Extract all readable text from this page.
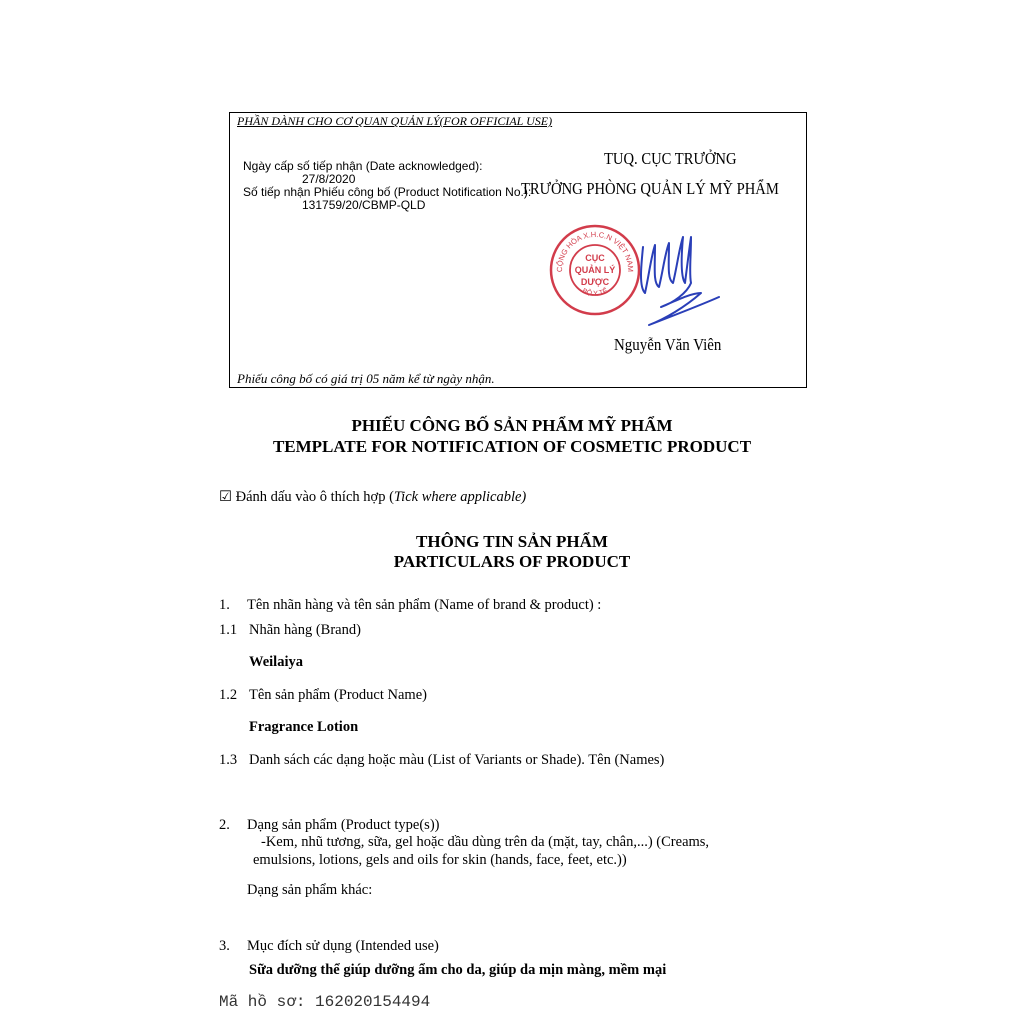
PHẦN DÀNH CHO CƠ QUAN QUẢN LÝ(FOR OFFICIAL USE)
Ngày cấp số tiếp nhận (Date acknowledged):
27/8/2020
Số tiếp nhận Phiếu công bố (Product Notification No.):
131759/20/CBMP-QLD
TUQ. CỤC TRƯỞNG
TRƯỞNG PHÒNG QUẢN LÝ MỸ PHẨM
CỘNG HÒA X.H.C.N VIỆT NAM
BỘ Y TẾ
CỤC
QUẢN LÝ
DƯỢC
Nguyễn Văn Viên
Phiếu công bố có giá trị 05 năm kể từ ngày nhận.
PHIẾU CÔNG BỐ SẢN PHẨM MỸ PHẨM
TEMPLATE FOR NOTIFICATION OF COSMETIC PRODUCT
☑ Đánh dấu vào ô thích hợp (Tick where applicable)
THÔNG TIN SẢN PHẨM
PARTICULARS OF PRODUCT
1. Tên nhãn hàng và tên sản phẩm (Name of brand & product) :
1.1 Nhãn hàng (Brand)
Weilaiya
1.2 Tên sản phẩm (Product Name)
Fragrance Lotion
1.3 Danh sách các dạng hoặc màu (List of Variants or Shade). Tên (Names)
2. Dạng sản phẩm (Product type(s))
-Kem, nhũ tương, sữa, gel hoặc dầu dùng trên da (mặt, tay, chân,...) (Creams,
emulsions, lotions, gels and oils for skin (hands, face, feet, etc.))
Dạng sản phẩm khác:
3. Mục đích sử dụng (Intended use)
Sữa dưỡng thể giúp dưỡng ẩm cho da, giúp da mịn màng, mềm mại
Mã hồ sơ: 162020154494
